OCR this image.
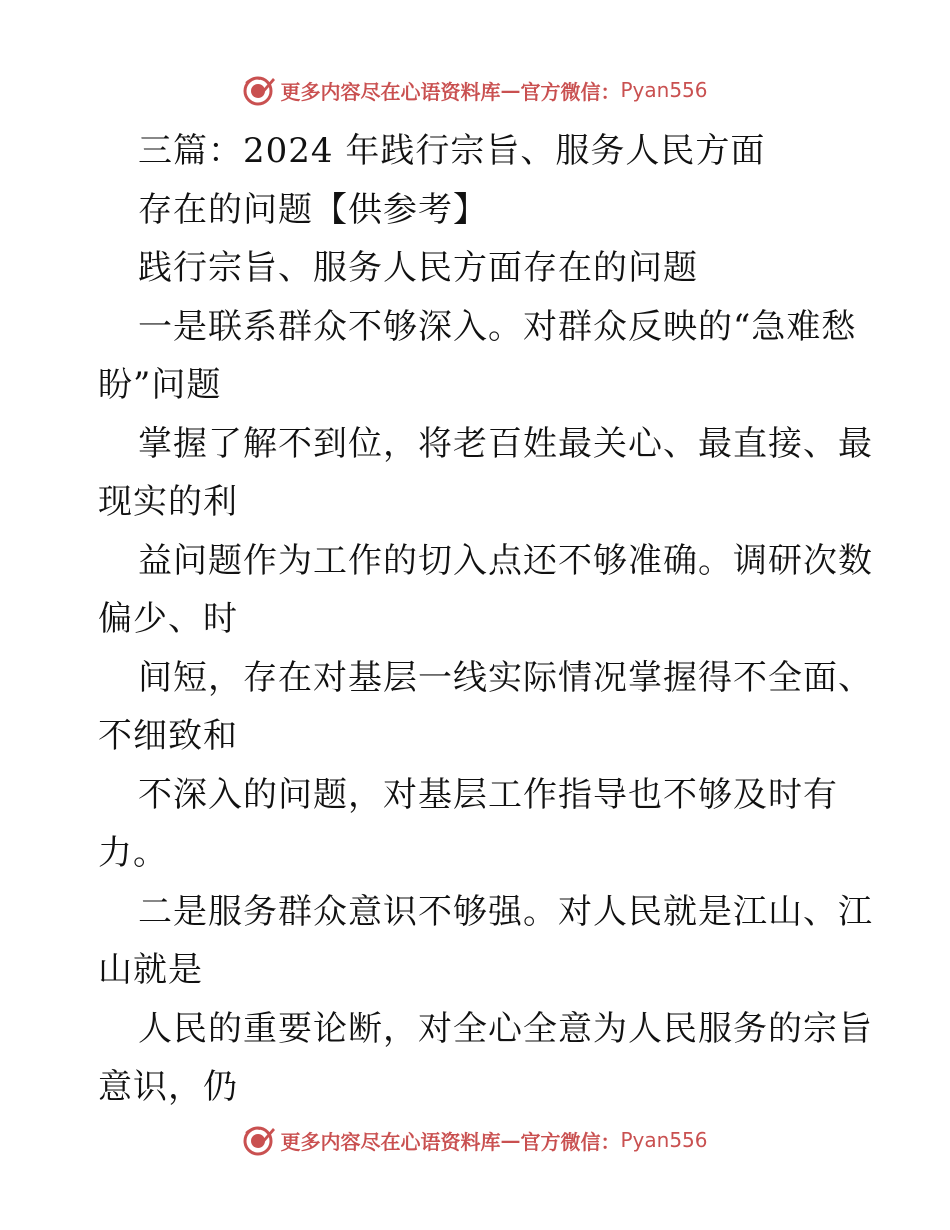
更多内容尽在心语资料库 — 官方微信： Pyan556
三篇：2024 年践行宗旨、服务人民方面
存在的问题【供参考】
践行宗旨、服务人民方面存在的问题
一是联系群众不够深入。对群众反映的“急难愁
盼”问题
掌握了解不到位，将老百姓最关心、最直接、最
现实的利
益问题作为工作的切入点还不够准确。调研次数
偏少、时
间短，存在对基层一线实际情况掌握得不全面、
不细致和
不深入的问题，对基层工作指导也不够及时有
力。
二是服务群众意识不够强。对人民就是江山、江
山就是
人民的重要论断，对全心全意为人民服务的宗旨
意识，仍
更多内容尽在心语资料库 — 官方微信： Pyan556
